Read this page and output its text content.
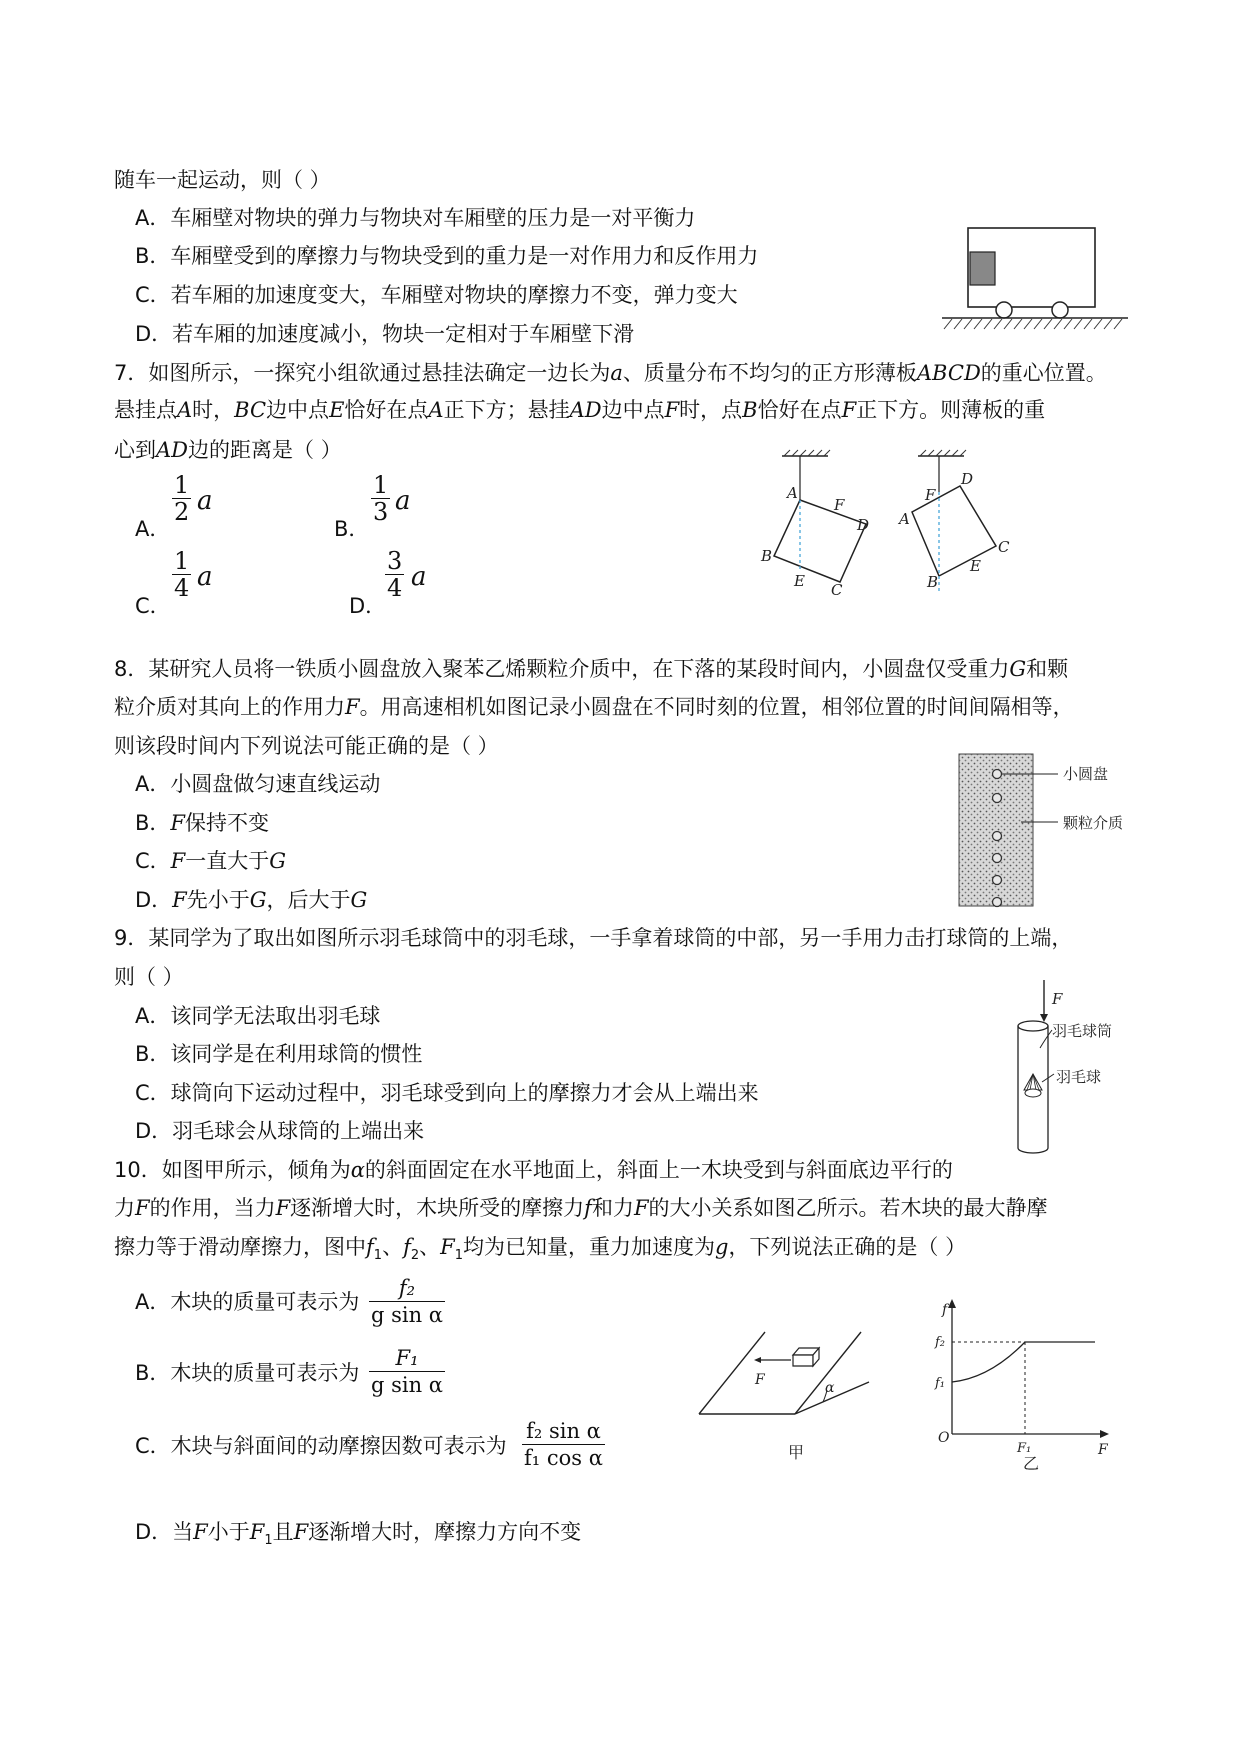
随车一起运动，则（ ）
A．车厢壁对物块的弹力与物块对车厢壁的压力是一对平衡力
B．车厢壁受到的摩擦力与物块受到的重力是一对作用力和反作用力
C．若车厢的加速度变大，车厢壁对物块的摩擦力不变，弹力变大
D．若车厢的加速度减小，物块一定相对于车厢壁下滑
7．如图所示，一探究小组欲通过悬挂法确定一边长为a、质量分布不均匀的正方形薄板ABCD的重心位置。
悬挂点A时，BC边中点E恰好在点A正下方；悬挂AD边中点F时，点B恰好在点F正下方。则薄板的重
心到AD边的距离是（ ）
A．
1
2 a
B．
1
3 a
C．
1
4 a
D．
3
4 a
A
F
D
B
E C
F
D
A
C
E
B
8．某研究人员将一铁质小圆盘放入聚苯乙烯颗粒介质中，在下落的某段时间内，小圆盘仅受重力G和颗
粒介质对其向上的作用力F。用高速相机如图记录小圆盘在不同时刻的位置，相邻位置的时间间隔相等，
则该段时间内下列说法可能正确的是（ ）
A．小圆盘做匀速直线运动
B．F保持不变
C．F一直大于G
D．F先小于G，后大于G
小圆盘
颗粒介质
9．某同学为了取出如图所示羽毛球筒中的羽毛球，一手拿着球筒的中部，另一手用力击打球筒的上端，
则（ ）
A．该同学无法取出羽毛球
B．该同学是在利用球筒的惯性
C．球筒向下运动过程中，羽毛球受到向上的摩擦力才会从上端出来
D．羽毛球会从球筒的上端出来
F
羽毛球筒
羽毛球
10．如图甲所示，倾角为α的斜面固定在水平地面上，斜面上一木块受到与斜面底边平行的
力F的作用，当力F逐渐增大时，木块所受的摩擦力f和力F的大小关系如图乙所示。若木块的最大静摩
擦力等于滑动摩擦力，图中$f_1$、$f_2$、$F_1$均为已知量，重力加速度为g，下列说法正确的是（ ）
A．木块的质量可表示为
f₂
g sin α
B．木块的质量可表示为
F₁
g sin α
C．木块与斜面间的动摩擦因数可表示为
f₂ sin α
f₁ cos α
D．当F小于$F_1$且F逐渐增大时，摩擦力方向不变
α
F
甲
f
F
O
f₂
f₁
F₁
乙
